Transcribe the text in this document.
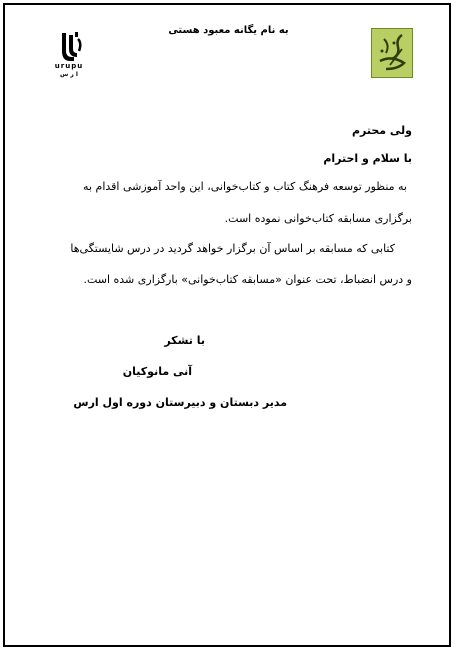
به نام یگانه معبود هستی
urupu
ا ر س
ولی محترم
با سلام و احترام
به منظور توسعه فرهنگ کتاب و کتاب‌خوانی، این واحد آموزشی اقدام به
برگزاری مسابقه کتاب‌خوانی نموده است.
کتابی که مسابقه بر اساس آن برگزار خواهد گردید در درس شایستگی‌ها
و درس انضباط، تحت عنوان «مسابقه کتاب‌خوانی» بارگزاری شده است.
با تشکر
آنی مانوکیان
مدیر دبستان و دبیرستان دوره اول ارس
